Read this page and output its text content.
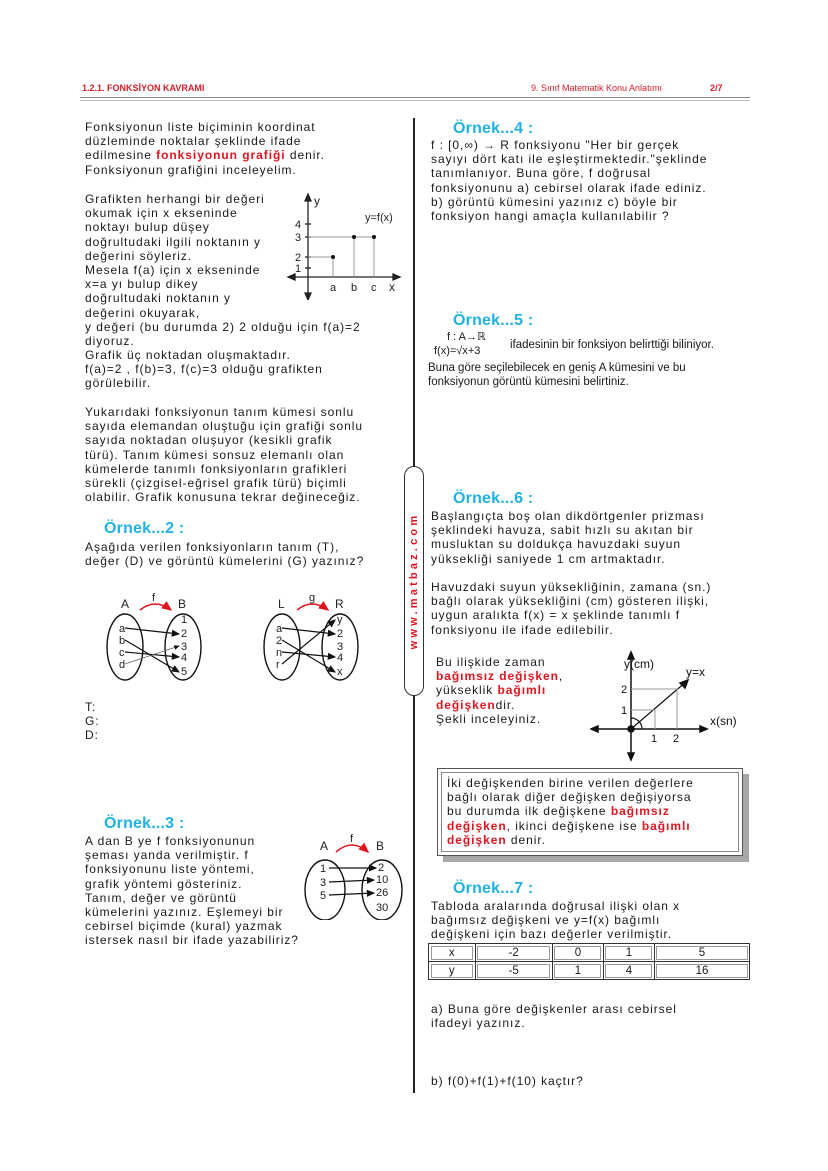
1.2.1. FONKSİYON KAVRAMI	9. Sınıf Matematik Konu Anlatımı	2/7
www.matbaz.com
Fonksiyonun liste biçiminin koordinat
düzleminde noktalar şeklinde ifade
edilmesine fonksiyonun grafiği denir.
Fonksiyonun grafiğini inceleyelim.
Grafikten herhangi bir değeri
okumak için x ekseninde
noktayı bulup düşey
doğrultudaki ilgili noktanın y
değerini söyleriz.
Mesela f(a) için x ekseninde
x=a yı bulup dikey
doğrultudaki noktanın y
değerini okuyarak,
y değeri (bu durumda 2) 2 olduğu için f(a)=2
diyoruz.
Grafik üç noktadan oluşmaktadır.
f(a)=2 , f(b)=3, f(c)=3 olduğu grafikten
görülebilir.
1
2
3
4
a b c x
y
y=f(x)
Yukarıdaki fonksiyonun tanım kümesi sonlu
sayıda elemandan oluştuğu için grafiği sonlu
sayıda noktadan oluşuyor (kesikli grafik
türü). Tanım kümesi sonsuz elemanlı olan
kümelerde tanımlı fonksiyonların grafikleri
sürekli (çizgisel-eğrisel grafik türü) biçimli
olabilir. Grafik konusuna tekrar değineceğiz.
Örnek...2 :
Aşağıda verilen fonksiyonların tanım (T),
değer (D) ve görüntü kümelerini (G) yazınız?
A	B
f
a
b
c
d
1
2
3
4
5
L	R
g
a
2
n
r
y
2
3
4
x
T:
G:
D:
Örnek...3 :
A dan B ye f fonksiyonunun
şeması yanda verilmiştir. f
fonksiyonunu liste yöntemi,
grafik yöntemi gösteriniz.
Tanım, değer ve görüntü
kümelerini yazınız. Eşlemeyi bir
cebirsel biçimde (kural) yazmak
istersek nasıl bir ifade yazabiliriz?
A	B
f
1
3
5
2
10
26
30
Örnek...4 :
f : [0,∞) → R fonksiyonu "Her bir gerçek
sayıyı dört katı ile eşleştirmektedir."şeklinde
tanımlanıyor. Buna göre, f doğrusal
fonksiyonunu a) cebirsel olarak ifade ediniz.
b) görüntü kümesini yazınız c) böyle bir
fonksiyon hangi amaçla kullanılabilir ?
Örnek...5 :
f : A→ℝ
f(x)=√x+3	ifadesinin bir fonksiyon belirttiği biliniyor.
Buna göre seçilebilecek en geniş A kümesini ve bu
fonksiyonun görüntü kümesini belirtiniz.
Örnek...6 :
Başlangıçta boş olan dikdörtgenler prizması
şeklindeki havuza, sabit hızlı su akıtan bir
musluktan su doldukça havuzdaki suyun
yüksekliği saniyede 1 cm artmaktadır.
Havuzdaki suyun yüksekliğinin, zamana (sn.)
bağlı olarak yüksekliğini (cm) gösteren ilişki,
uygun aralıkta f(x) = x şeklinde tanımlı f
fonksiyonu ile ifade edilebilir.
Bu ilişkide zaman
bağımsız değişken,
yükseklik bağımlı
değişkendir.
Şekli inceleyiniz.
y(cm)
y=x
x(sn)
1 2
1
2
İki değişkenden birine verilen değerlere
bağlı olarak diğer değişken değişiyorsa
bu durumda ilk değişkene bağımsız
değişken, ikinci değişkene ise bağımlı
değişken denir.
Örnek...7 :
Tabloda aralarında doğrusal ilişki olan x
bağımsız değişkeni ve y=f(x) bağımlı
değişkeni için bazı değerler verilmiştir.
x	-2	0	1	5
y	-5	1	4	16
a) Buna göre değişkenler arası cebirsel
ifadeyi yazınız.
b) f(0)+f(1)+f(10) kaçtır?
